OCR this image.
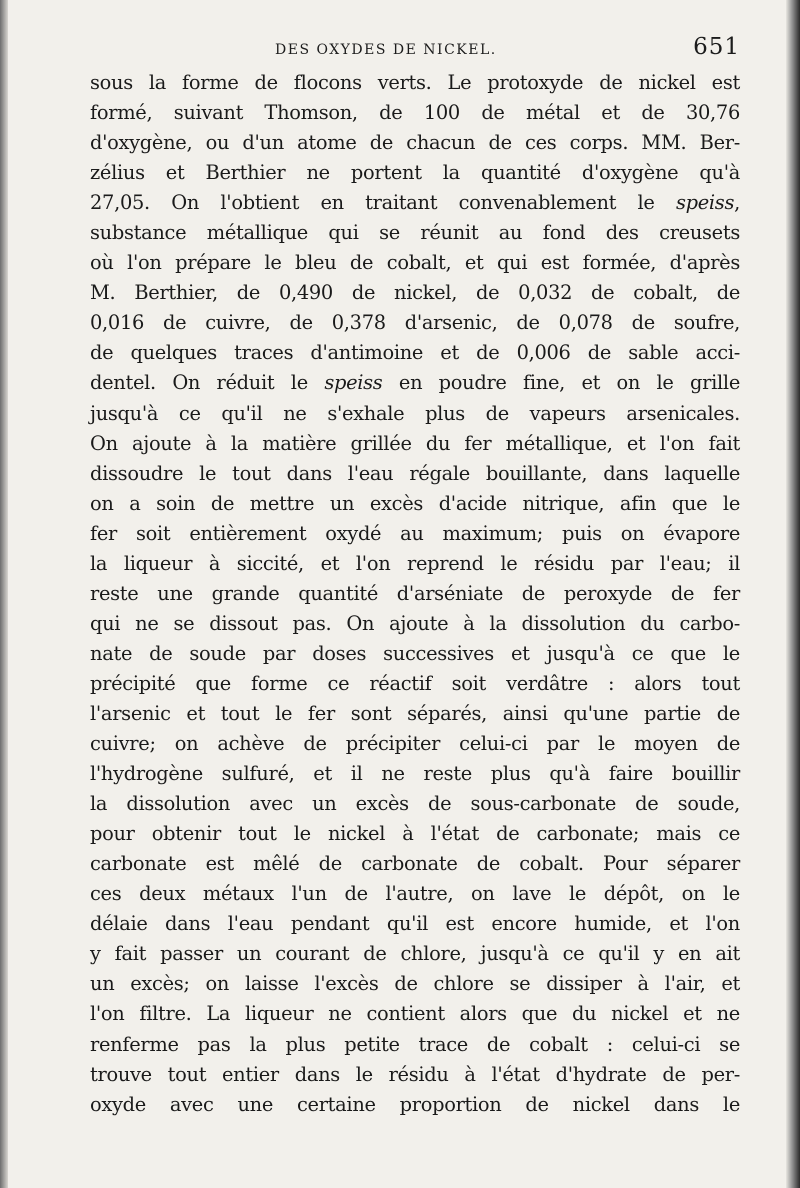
DES OXYDES DE NICKEL.	651
sous la forme de flocons verts. Le protoxyde de nickel est
formé, suivant Thomson, de 100 de métal et de 30,76
d'oxygène, ou d'un atome de chacun de ces corps. MM. Ber-
zélius et Berthier ne portent la quantité d'oxygène qu'à
27,05. On l'obtient en traitant convenablement le speiss,
substance métallique qui se réunit au fond des creusets
où l'on prépare le bleu de cobalt, et qui est formée, d'après
M. Berthier, de 0,490 de nickel, de 0,032 de cobalt, de
0,016 de cuivre, de 0,378 d'arsenic, de 0,078 de soufre,
de quelques traces d'antimoine et de 0,006 de sable acci-
dentel. On réduit le speiss en poudre fine, et on le grille
jusqu'à ce qu'il ne s'exhale plus de vapeurs arsenicales.
On ajoute à la matière grillée du fer métallique, et l'on fait
dissoudre le tout dans l'eau régale bouillante, dans laquelle
on a soin de mettre un excès d'acide nitrique, afin que le
fer soit entièrement oxydé au maximum; puis on évapore
la liqueur à siccité, et l'on reprend le résidu par l'eau; il
reste une grande quantité d'arséniate de peroxyde de fer
qui ne se dissout pas. On ajoute à la dissolution du carbo-
nate de soude par doses successives et jusqu'à ce que le
précipité que forme ce réactif soit verdâtre : alors tout
l'arsenic et tout le fer sont séparés, ainsi qu'une partie de
cuivre; on achève de précipiter celui-ci par le moyen de
l'hydrogène sulfuré, et il ne reste plus qu'à faire bouillir
la dissolution avec un excès de sous-carbonate de soude,
pour obtenir tout le nickel à l'état de carbonate; mais ce
carbonate est mêlé de carbonate de cobalt. Pour séparer
ces deux métaux l'un de l'autre, on lave le dépôt, on le
délaie dans l'eau pendant qu'il est encore humide, et l'on
y fait passer un courant de chlore, jusqu'à ce qu'il y en ait
un excès; on laisse l'excès de chlore se dissiper à l'air, et
l'on filtre. La liqueur ne contient alors que du nickel et ne
renferme pas la plus petite trace de cobalt : celui-ci se
trouve tout entier dans le résidu à l'état d'hydrate de per-
oxyde avec une certaine proportion de nickel dans le
